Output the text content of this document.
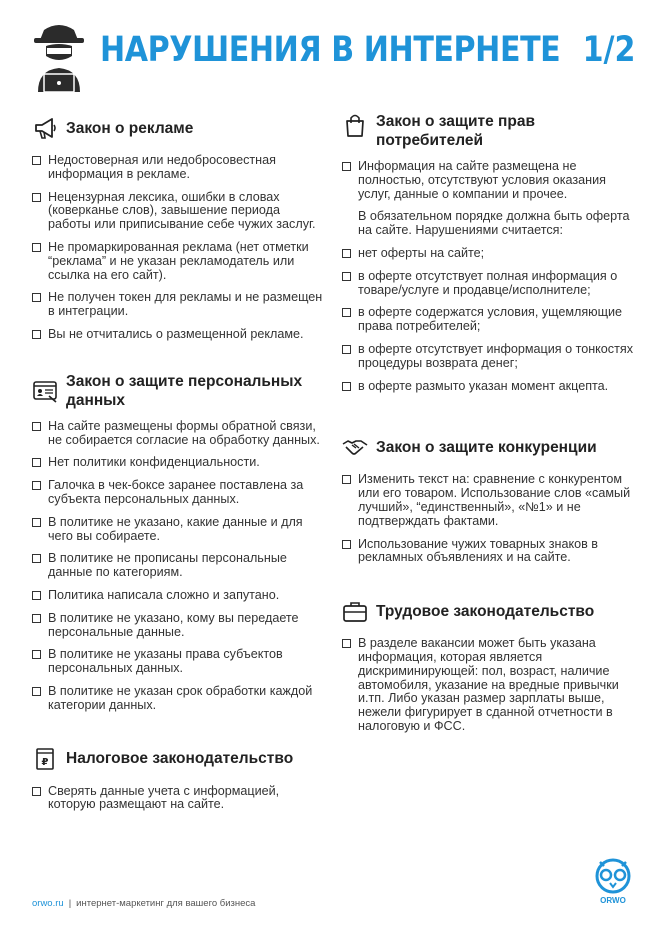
НАРУШЕНИЯ В ИНТЕРНЕТЕ 1/2
Закон о рекламе
Недостоверная или недобросовестная информация в рекламе.
Нецензурная лексика, ошибки в словах (коверканье слов), завышение периода работы или приписывание себе чужих заслуг.
Не промаркированная реклама (нет отметки “реклама” и не указан рекламодатель или ссылка на его сайт).
Не получен токен для рекламы и не размещен в интеграции.
Вы не отчитались о размещенной рекламе.
Закон о защите персональных данных
На сайте размещены формы обратной связи, не собирается согласие на обработку данных.
Нет политики конфиденциальности.
Галочка в чек-боксе заранее поставлена за субъекта персональных данных.
В политике не указано, какие данные и для чего вы собираете.
В политике не прописаны персональные данные по категориям.
Политика написала сложно и запутано.
В политике не указано, кому вы передаете персональные данные.
В политике не указаны права субъектов персональных данных.
В политике не указан срок обработки каждой категории данных.
₽ Налоговое законодательство
Сверять данные учета с информацией, которую размещают на сайте.
Закон о защите прав потребителей
Информация на сайте размещена не полностью, отсутствуют условия оказания услуг, данные о компании и прочее.
В обязательном порядке должна быть оферта на сайте. Нарушениями считается:
нет оферты на сайте;
в оферте отсутствует полная информация о товаре/услуге и продавце/исполнителе;
в оферте содержатся условия, ущемляющие права потребителей;
в оферте отсутствует информация о тонкостях процедуры возврата денег;
в оферте размыто указан момент акцепта.
Закон о защите конкуренции
Изменить текст на: сравнение с конкурентом или его товаром. Использование слов «самый лучший», “единственный», «№1» и не подтверждать фактами.
Использование чужих товарных знаков в рекламных объявлениях и на сайте.
Трудовое законодательство
В разделе вакансии может быть указана информация, которая является дискриминирующей: пол, возраст, наличие автомобиля, указание на вредные привычки и.тп. Либо указан размер зарплаты выше, нежели фигурирует в сданной отчетности в налоговую и ФСС.
orwo.ru | интернет-маркетинг для вашего бизнеса	ORWO
